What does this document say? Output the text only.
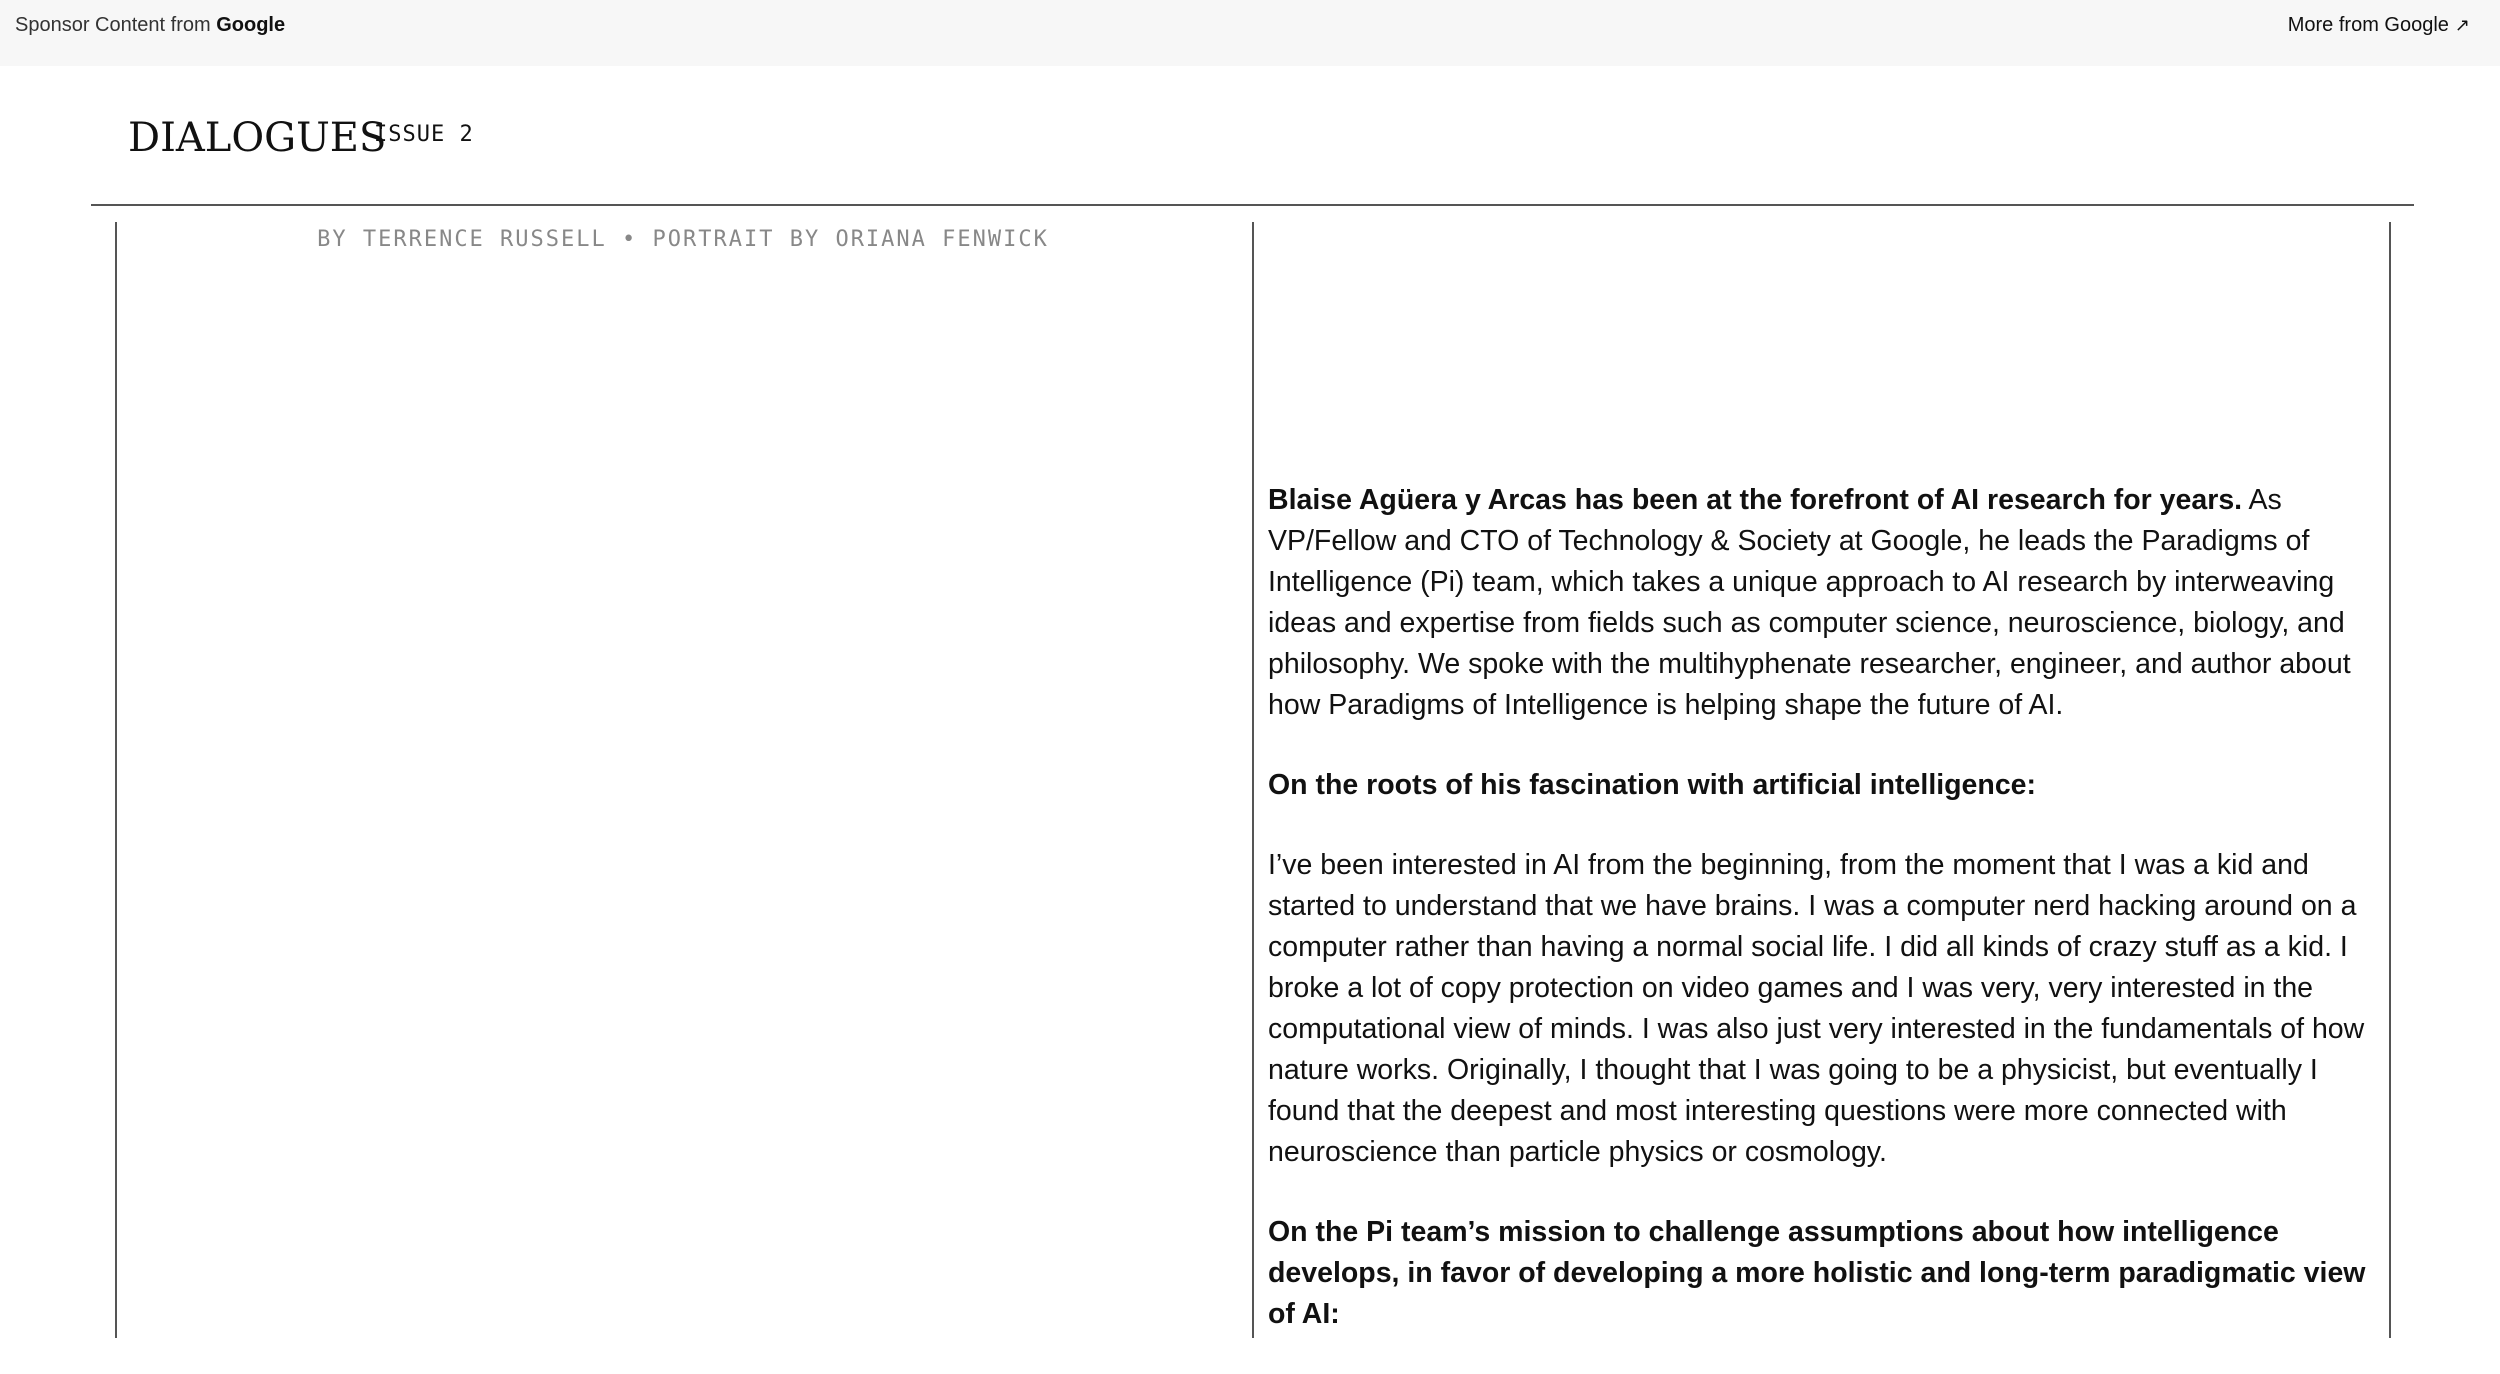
Sponsor Content from Google	More from Google ↗
DIALOGUES
ISSUE 2
BY TERRENCE RUSSELL • PORTRAIT BY ORIANA FENWICK

Blaise Agüera y Arcas has been at the forefront of AI research for years. As VP/Fellow and CTO of Technology & Society at Google, he leads the Paradigms of Intelligence (Pi) team, which takes a unique approach to AI research by interweaving ideas and expertise from fields such as computer science, neuroscience, biology, and philosophy. We spoke with the multihyphenate researcher, engineer, and author about how Paradigms of Intelligence is helping shape the future of AI.

On the roots of his fascination with artificial intelligence:

I’ve been interested in AI from the beginning, from the moment that I was a kid and started to understand that we have brains. I was a computer nerd hacking around on a computer rather than having a normal social life. I did all kinds of crazy stuff as a kid. I broke a lot of copy protection on video games and I was very, very interested in the computational view of minds. I was also just very interested in the fundamentals of how nature works. Originally, I thought that I was going to be a physicist, but eventually I found that the deepest and most interesting questions were more connected with neuroscience than particle physics or cosmology.

On the Pi team’s mission to challenge assumptions about how intelligence develops, in favor of developing a more holistic and long-term paradigmatic view of AI:
